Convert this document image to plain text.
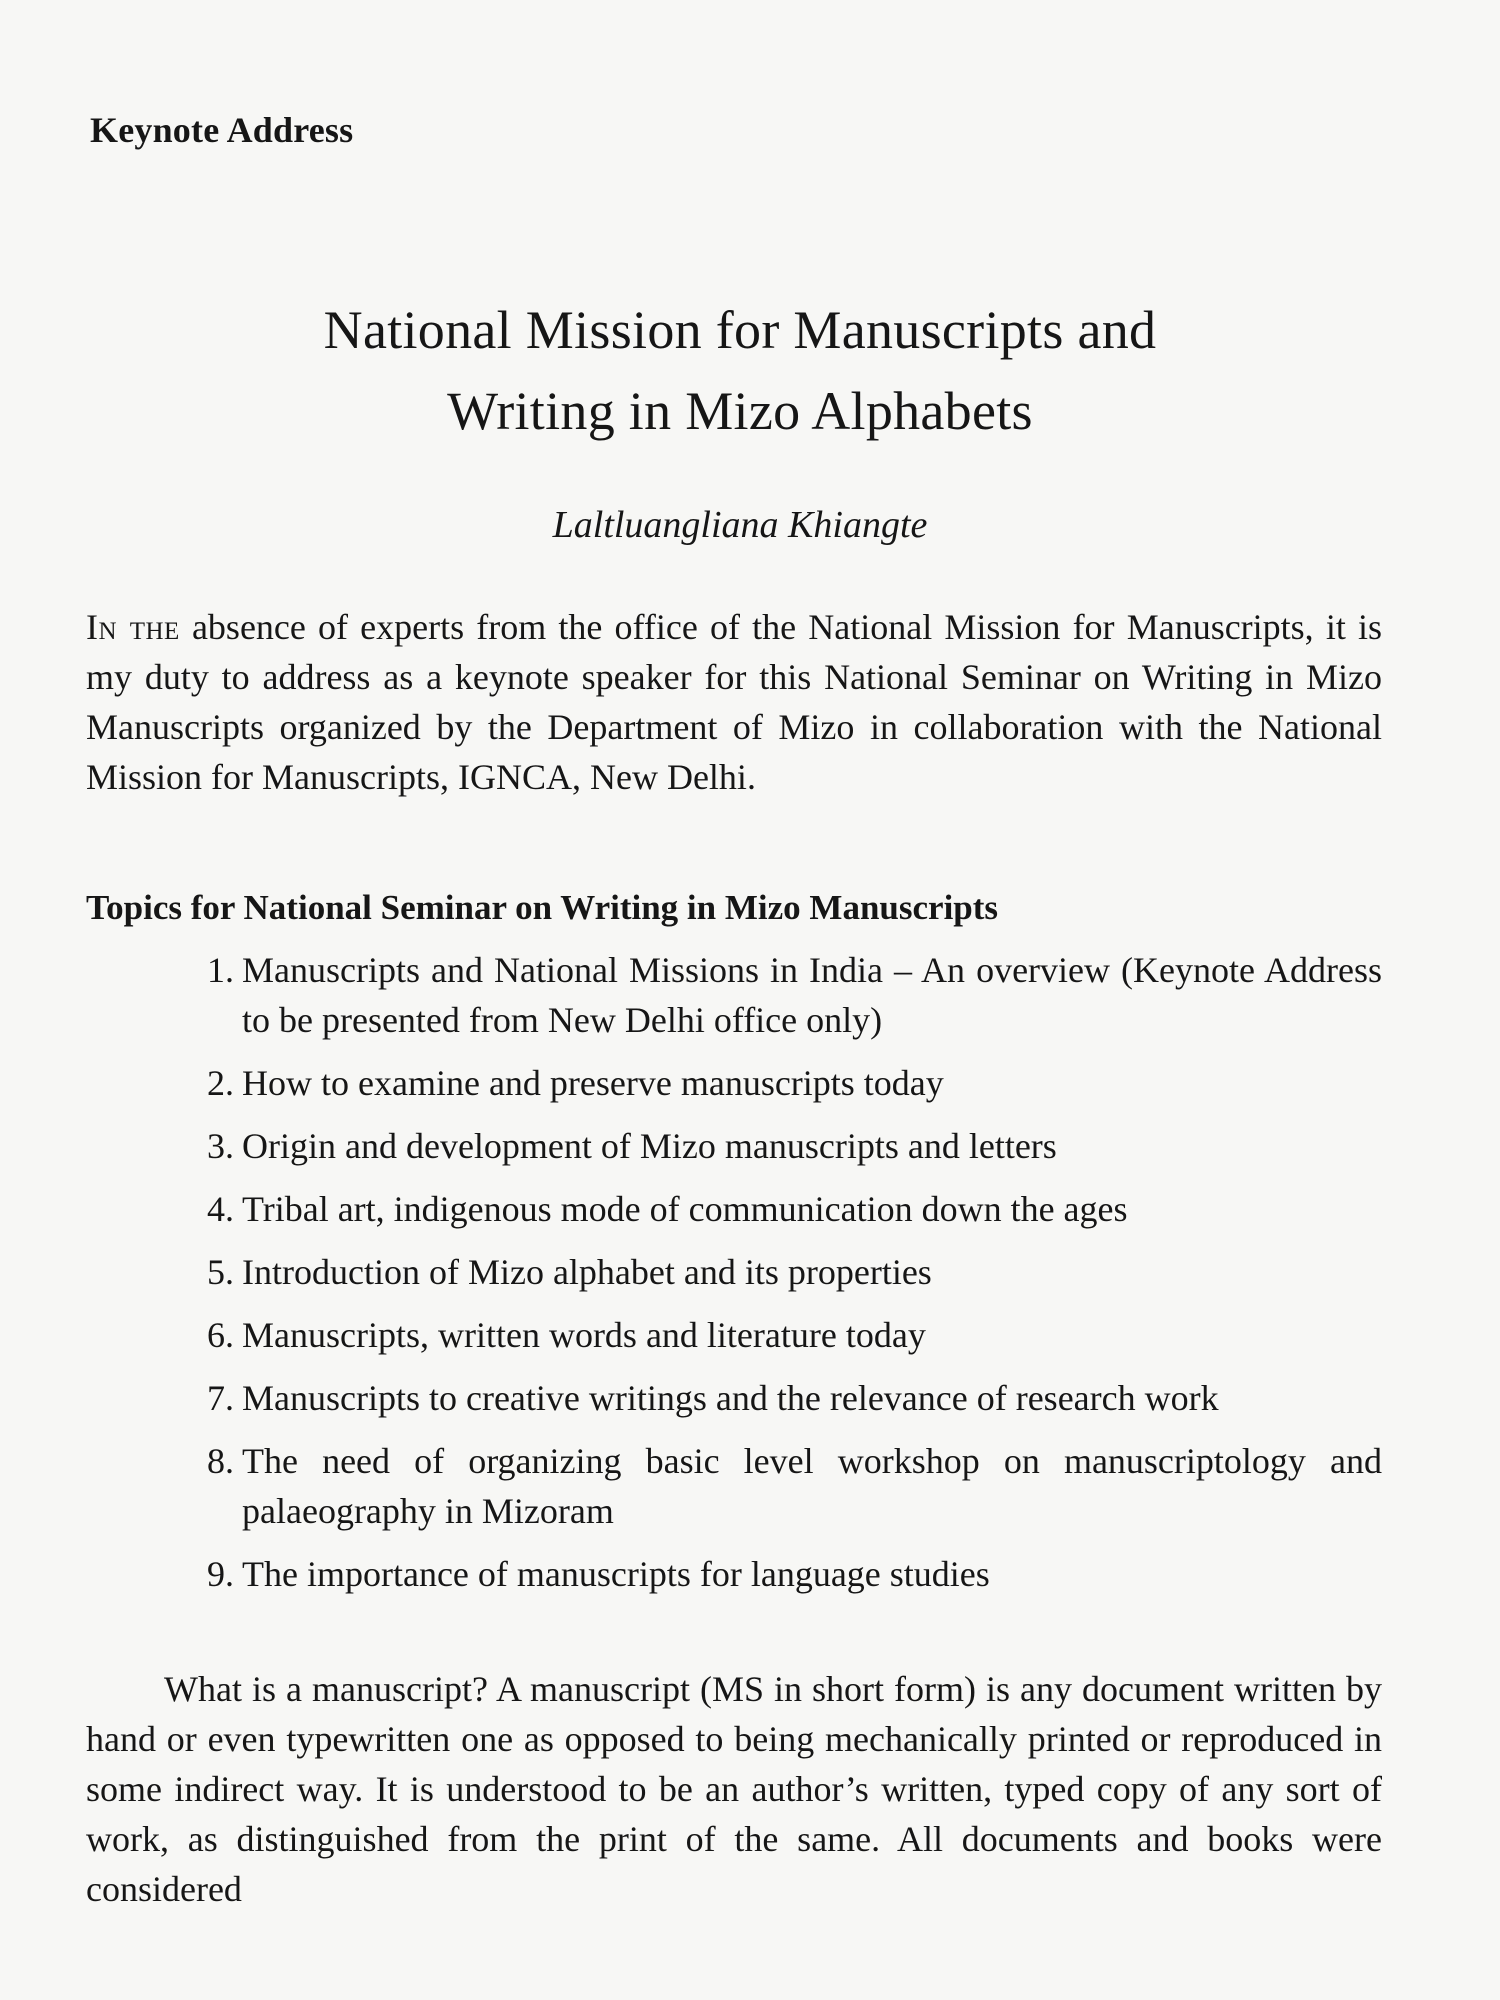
Keynote Address
National Mission for Manuscripts and
Writing in Mizo Alphabets
Laltluangliana Khiangte

In the absence of experts from the office of the National Mission for Manuscripts, it is my duty to address as a keynote speaker for this National Seminar on Writing in Mizo Manuscripts organized by the Department of Mizo in collaboration with the National Mission for Manuscripts, IGNCA, New Delhi.

Topics for National Seminar on Writing in Mizo Manuscripts
1. Manuscripts and National Missions in India – An overview (Keynote Address to be presented from New Delhi office only)
2. How to examine and preserve manuscripts today
3. Origin and development of Mizo manuscripts and letters
4. Tribal art, indigenous mode of communication down the ages
5. Introduction of Mizo alphabet and its properties
6. Manuscripts, written words and literature today
7. Manuscripts to creative writings and the relevance of research work
8. The need of organizing basic level workshop on manuscriptology and palaeography in Mizoram
9. The importance of manuscripts for language studies

What is a manuscript? A manuscript (MS in short form) is any document written by hand or even typewritten one as opposed to being mechanically printed or reproduced in some indirect way. It is understood to be an author’s written, typed copy of any sort of work, as distinguished from the print of the same. All documents and books were considered
